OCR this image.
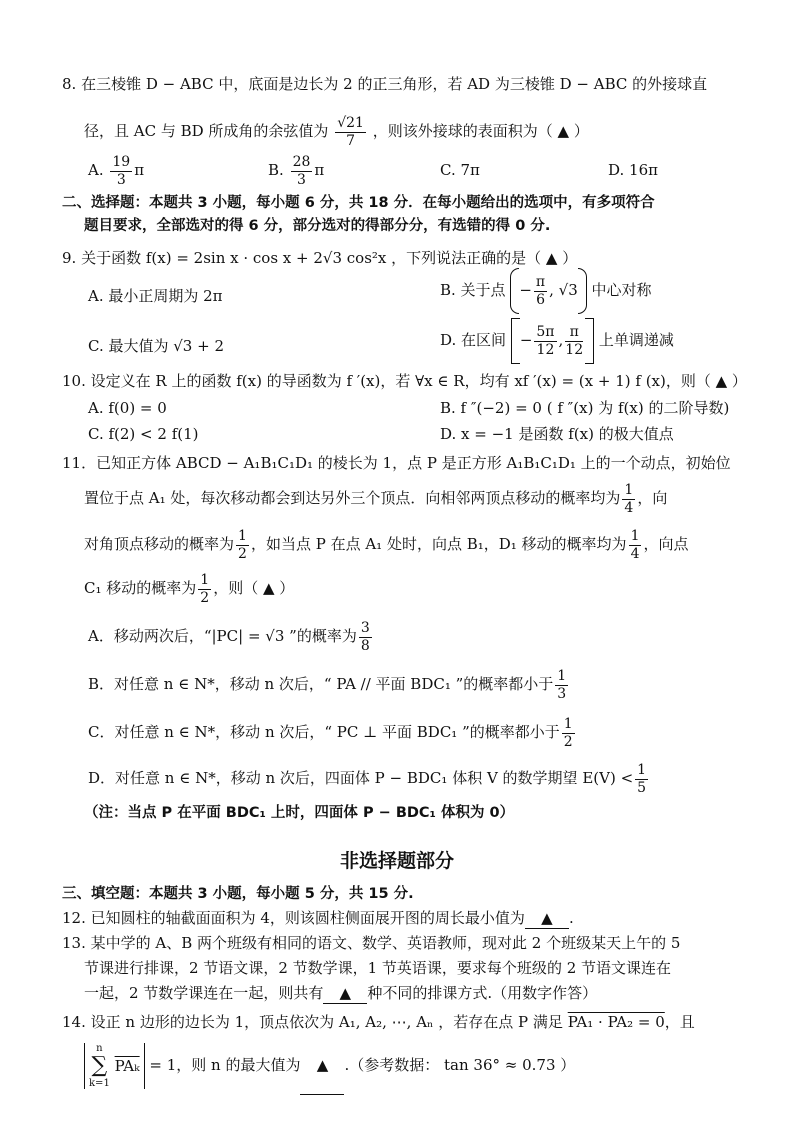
8. 在三棱锥 D − ABC 中，底面是边长为 2 的正三角形，若 AD 为三棱锥 D − ABC 的外接球直
径，且 AC 与 BD 所成角的余弦值为 $\frac{√21}{7}$ ，则该外接球的表面积为（ ▲ ）
A. $\frac{19}{3}$ π	B. $\frac{28}{3}$ π	C. 7π	D. 16π
二、选择题：本题共 3 小题，每小题 6 分，共 18 分．在每小题给出的选项中，有多项符合
题目要求，全部选对的得 6 分，部分选对的得部分分，有选错的得 0 分.
9. 关于函数 f(x) = 2sin x · cos x + 2√3 cos²x ，下列说法正确的是（ ▲ ）
A. 最小正周期为 2π	B. 关于点 − $\frac{\pi}{6}$ , √3 中心对称
C. 最大值为 √3 + 2	D. 在区间 − $\frac{5\pi}{12}$ , $\frac{\pi}{12}$ 上单调递减
10. 设定义在 R 上的函数 f(x) 的导函数为 f ′(x)，若 ∀x ∈ R，均有 xf ′(x) = (x + 1) f (x)，则（ ▲ ）
A. f(0) = 0	B. f ″(−2) = 0 ( f ″(x) 为 f(x) 的二阶导数)
C. f(2) < 2 f(1)	D. x = −1 是函数 f(x) 的极大值点
11．已知正方体 ABCD − A₁B₁C₁D₁ 的棱长为 1，点 P 是正方形 A₁B₁C₁D₁ 上的一个动点，初始位
置位于点 A₁ 处，每次移动都会到达另外三个顶点．向相邻两顶点移动的概率均为 $\frac{1}{4}$ ，向
对角顶点移动的概率为 $\frac{1}{2}$ ，如当点 P 在点 A₁ 处时，向点 B₁，D₁ 移动的概率均为 $\frac{1}{4}$ ，向点
C₁ 移动的概率为 $\frac{1}{2}$ ，则（ ▲ ）
A．移动两次后，“|PC| = √3 ”的概率为 $\frac{3}{8}$
B．对任意 n ∈ N*，移动 n 次后，“ PA // 平面 BDC₁ ”的概率都小于 $\frac{1}{3}$
C．对任意 n ∈ N*，移动 n 次后，“ PC ⊥ 平面 BDC₁ ”的概率都小于 $\frac{1}{2}$
D．对任意 n ∈ N*，移动 n 次后，四面体 P − BDC₁ 体积 V 的数学期望 $E(V) < \frac{1}{5}$
（注：当点 P 在平面 BDC₁ 上时，四面体 P − BDC₁ 体积为 0）
非选择题部分
三、填空题：本题共 3 小题，每小题 5 分，共 15 分.
12. 已知圆柱的轴截面面积为 4，则该圆柱侧面展开图的周长最小值为 ▲ .
13. 某中学的 A、B 两个班级有相同的语文、数学、英语教师，现对此 2 个班级某天上午的 5
节课进行排课，2 节语文课，2 节数学课，1 节英语课，要求每个班级的 2 节语文课连在
一起，2 节数学课连在一起，则共有 ▲ 种不同的排课方式.（用数字作答）
14. 设正 n 边形的边长为 1，顶点依次为 A₁, A₂, ⋯, Aₙ ，若存在点 P 满足 PA₁ · PA₂ = 0，且
n
∑
k=1
$\overline{PA_k} = 1$，则 n 的最大值为 ▲ .（参考数据： tan 36° ≈ 0.73 ）
